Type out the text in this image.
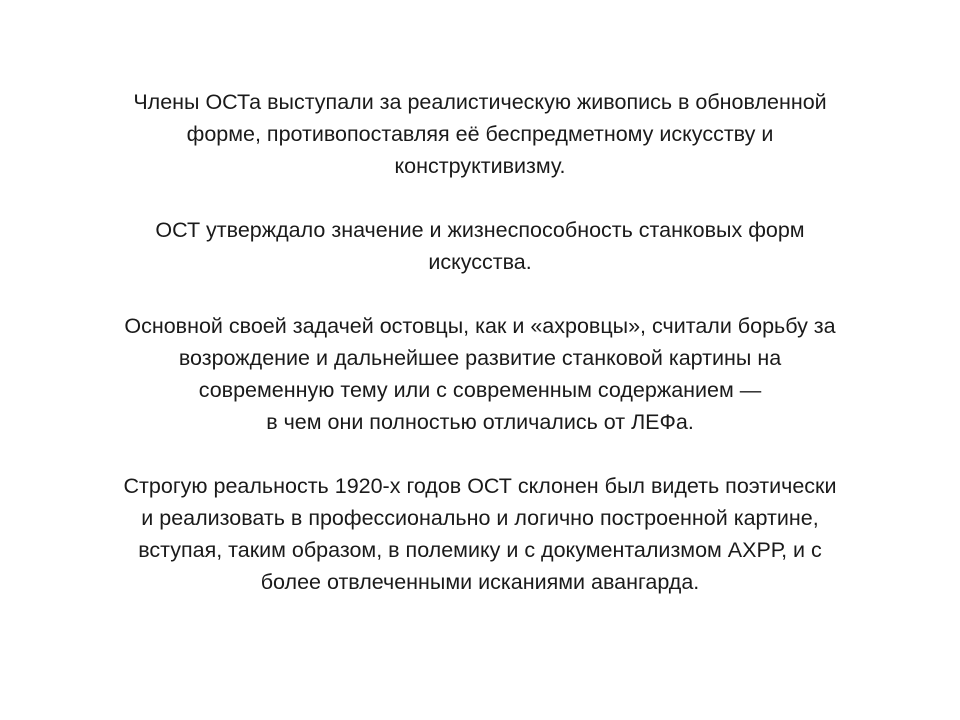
Члены ОСТа выступали за реалистическую живопись в обновленной
форме, противопоставляя её беспредметному искусству и
конструктивизму.

ОСТ утверждало значение и жизнеспособность станковых форм
искусства.

Основной своей задачей остовцы, как и «ахровцы», считали борьбу за
возрождение и дальнейшее развитие станковой картины на
современную тему или с современным содержанием —
в чем они полностью отличались от ЛЕФа.

Строгую реальность 1920-х годов ОСТ склонен был видеть поэтически
и реализовать в профессионально и логично построенной картине,
вступая, таким образом, в полемику и с документализмом АХРР, и с
более отвлеченными исканиями авангарда.
